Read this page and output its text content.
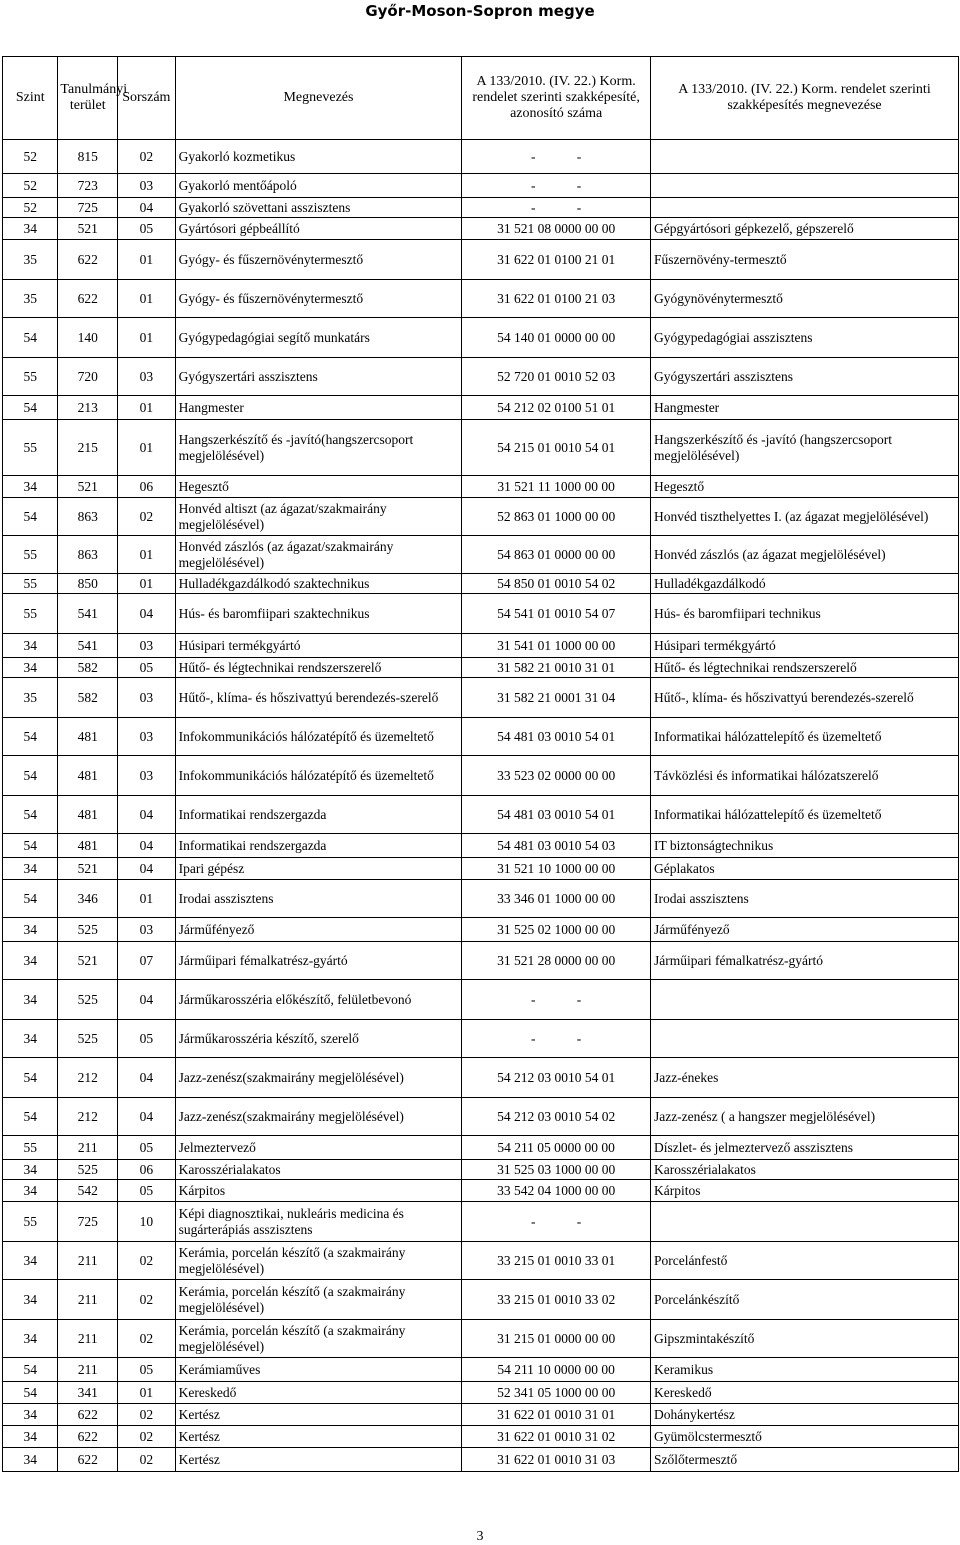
Győr-Moson-Sopron megye
Szint	Tanulmányi terület	Sorszám	Megnevezés	A 133/2010. (IV. 22.) Korm. rendelet szerinti szakképesíté, azonosító száma	A 133/2010. (IV. 22.) Korm. rendelet szerinti szakképesítés megnevezése
52	815	02	Gyakorló kozmetikus	- -	
52	723	03	Gyakorló mentőápoló	- -	
52	725	04	Gyakorló szövettani asszisztens	- -	
34	521	05	Gyártósori gépbeállító	31 521 08 0000 00 00	Gépgyártósori gépkezelő, gépszerelő
35	622	01	Gyógy- és fűszernövénytermesztő	31 622 01 0100 21 01	Fűszernövény-termesztő
35	622	01	Gyógy- és fűszernövénytermesztő	31 622 01 0100 21 03	Gyógynövénytermesztő
54	140	01	Gyógypedagógiai segítő munkatárs	54 140 01 0000 00 00	Gyógypedagógiai asszisztens
55	720	03	Gyógyszertári asszisztens	52 720 01 0010 52 03	Gyógyszertári asszisztens
54	213	01	Hangmester	54 212 02 0100 51 01	Hangmester
55	215	01	Hangszerkészítő és -javító(hangszercsoport megjelölésével)	54 215 01 0010 54 01	Hangszerkészítő és -javító (hangszercsoport megjelölésével)
34	521	06	Hegesztő	31 521 11 1000 00 00	Hegesztő
54	863	02	Honvéd altiszt (az ágazat/szakmairány megjelölésével)	52 863 01 1000 00 00	Honvéd tiszthelyettes I. (az ágazat megjelölésével)
55	863	01	Honvéd zászlós (az ágazat/szakmairány megjelölésével)	54 863 01 0000 00 00	Honvéd zászlós (az ágazat megjelölésével)
55	850	01	Hulladékgazdálkodó szaktechnikus	54 850 01 0010 54 02	Hulladékgazdálkodó
55	541	04	Hús- és baromfiipari szaktechnikus	54 541 01 0010 54 07	Hús- és baromfiipari technikus
34	541	03	Húsipari termékgyártó	31 541 01 1000 00 00	Húsipari termékgyártó
34	582	05	Hűtő- és légtechnikai rendszerszerelő	31 582 21 0010 31 01	Hűtő- és légtechnikai rendszerszerelő
35	582	03	Hűtő-, klíma- és hőszivattyú berendezés-szerelő	31 582 21 0001 31 04	Hűtő-, klíma- és hőszivattyú berendezés-szerelő
54	481	03	Infokommunikációs hálózatépítő és üzemeltető	54 481 03 0010 54 01	Informatikai hálózattelepítő és üzemeltető
54	481	03	Infokommunikációs hálózatépítő és üzemeltető	33 523 02 0000 00 00	Távközlési és informatikai hálózatszerelő
54	481	04	Informatikai rendszergazda	54 481 03 0010 54 01	Informatikai hálózattelepítő és üzemeltető
54	481	04	Informatikai rendszergazda	54 481 03 0010 54 03	IT biztonságtechnikus
34	521	04	Ipari gépész	31 521 10 1000 00 00	Géplakatos
54	346	01	Irodai asszisztens	33 346 01 1000 00 00	Irodai asszisztens
34	525	03	Járműfényező	31 525 02 1000 00 00	Járműfényező
34	521	07	Járműipari fémalkatrész-gyártó	31 521 28 0000 00 00	Járműipari fémalkatrész-gyártó
34	525	04	Járműkarosszéria előkészítő, felületbevonó	- -	
34	525	05	Járműkarosszéria készítő, szerelő	- -	
54	212	04	Jazz-zenész(szakmairány megjelölésével)	54 212 03 0010 54 01	Jazz-énekes
54	212	04	Jazz-zenész(szakmairány megjelölésével)	54 212 03 0010 54 02	Jazz-zenész ( a hangszer megjelölésével)
55	211	05	Jelmeztervező	54 211 05 0000 00 00	Díszlet- és jelmeztervező asszisztens
34	525	06	Karosszérialakatos	31 525 03 1000 00 00	Karosszérialakatos
34	542	05	Kárpitos	33 542 04 1000 00 00	Kárpitos
55	725	10	Képi diagnosztikai, nukleáris medicina és sugárterápiás asszisztens	- -	
34	211	02	Kerámia, porcelán készítő (a szakmairány megjelölésével)	33 215 01 0010 33 01	Porcelánfestő
34	211	02	Kerámia, porcelán készítő (a szakmairány megjelölésével)	33 215 01 0010 33 02	Porcelánkészítő
34	211	02	Kerámia, porcelán készítő (a szakmairány megjelölésével)	31 215 01 0000 00 00	Gipszmintakészítő
54	211	05	Kerámiaműves	54 211 10 0000 00 00	Keramikus
54	341	01	Kereskedő	52 341 05 1000 00 00	Kereskedő
34	622	02	Kertész	31 622 01 0010 31 01	Dohánykertész
34	622	02	Kertész	31 622 01 0010 31 02	Gyümölcstermesztő
34	622	02	Kertész	31 622 01 0010 31 03	Szőlőtermesztő
3
